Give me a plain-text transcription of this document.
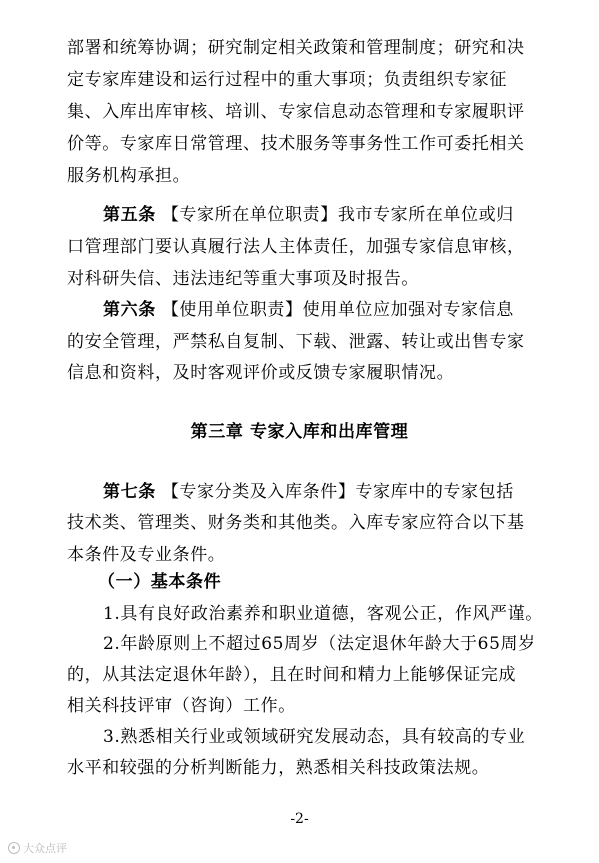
部署和统筹协调；研究制定相关政策和管理制度；研究和决
定专家库建设和运行过程中的重大事项；负责组织专家征
集、入库出库审核、培训、专家信息动态管理和专家履职评
价等。专家库日常管理、技术服务等事务性工作可委托相关
服务机构承担。
第五条 【专家所在单位职责】我市专家所在单位或归
口管理部门要认真履行法人主体责任，加强专家信息审核，
对科研失信、违法违纪等重大事项及时报告。
第六条 【使用单位职责】使用单位应加强对专家信息
的安全管理，严禁私自复制、下载、泄露、转让或出售专家
信息和资料，及时客观评价或反馈专家履职情况。
第三章 专家入库和出库管理
第七条 【专家分类及入库条件】专家库中的专家包括
技术类、管理类、财务类和其他类。入库专家应符合以下基
本条件及专业条件。
（一）基本条件
1.具有良好政治素养和职业道德，客观公正，作风严谨。
2.年龄原则上不超过65周岁（法定退休年龄大于65周岁
的，从其法定退休年龄），且在时间和精力上能够保证完成
相关科技评审（咨询）工作。
3.熟悉相关行业或领域研究发展动态，具有较高的专业
水平和较强的分析判断能力，熟悉相关科技政策法规。
-2-
大众点评
